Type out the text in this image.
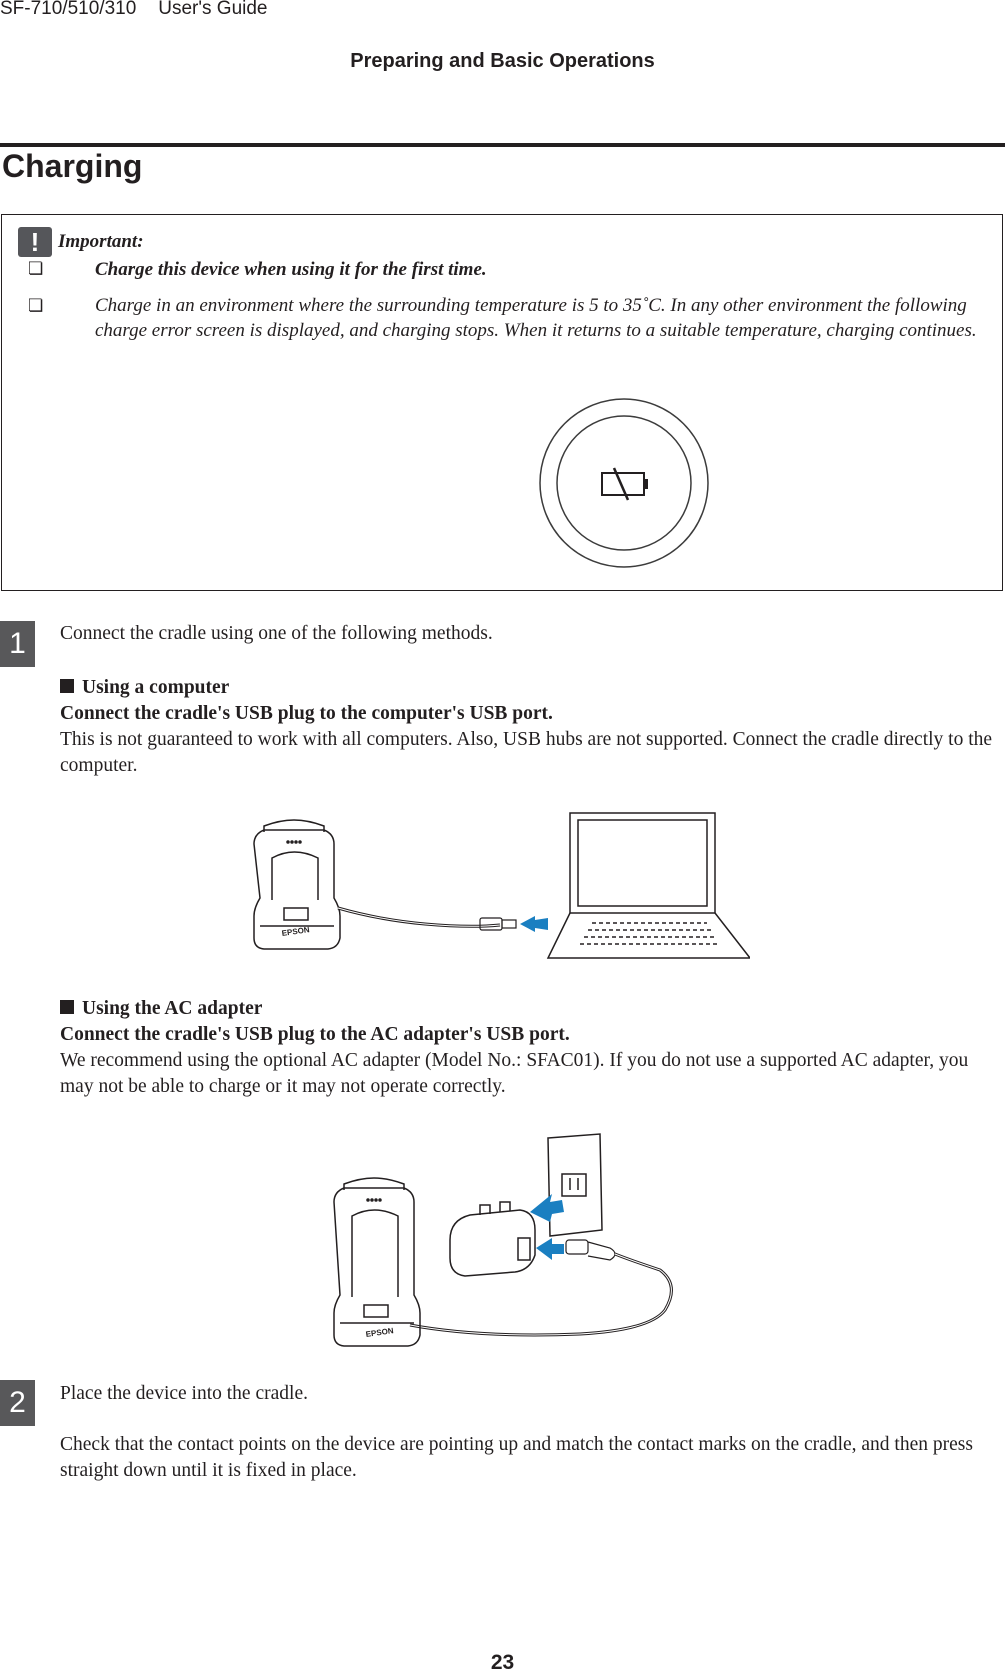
SF-710/510/310 User's Guide
Preparing and Basic Operations
Charging
! Important:
❏	Charge this device when using it for the first time.
❏	Charge in an environment where the surrounding temperature is 5 to 35˚C. In any other environment the following charge error screen is displayed, and charging stops. When it returns to a suitable temperature, charging continues.
1	Connect the cradle using one of the following methods.
Using a computer
Connect the cradle's USB plug to the computer's USB port.
This is not guaranteed to work with all computers. Also, USB hubs are not supported. Connect the cradle directly to the computer.
EPSON
Using the AC adapter
Connect the cradle's USB plug to the AC adapter's USB port.
We recommend using the optional AC adapter (Model No.: SFAC01). If you do not use a supported AC adapter, you may not be able to charge or it may not operate correctly.
EPSON
2	Place the device into the cradle.
Check that the contact points on the device are pointing up and match the contact marks on the cradle, and then press straight down until it is fixed in place.
23
